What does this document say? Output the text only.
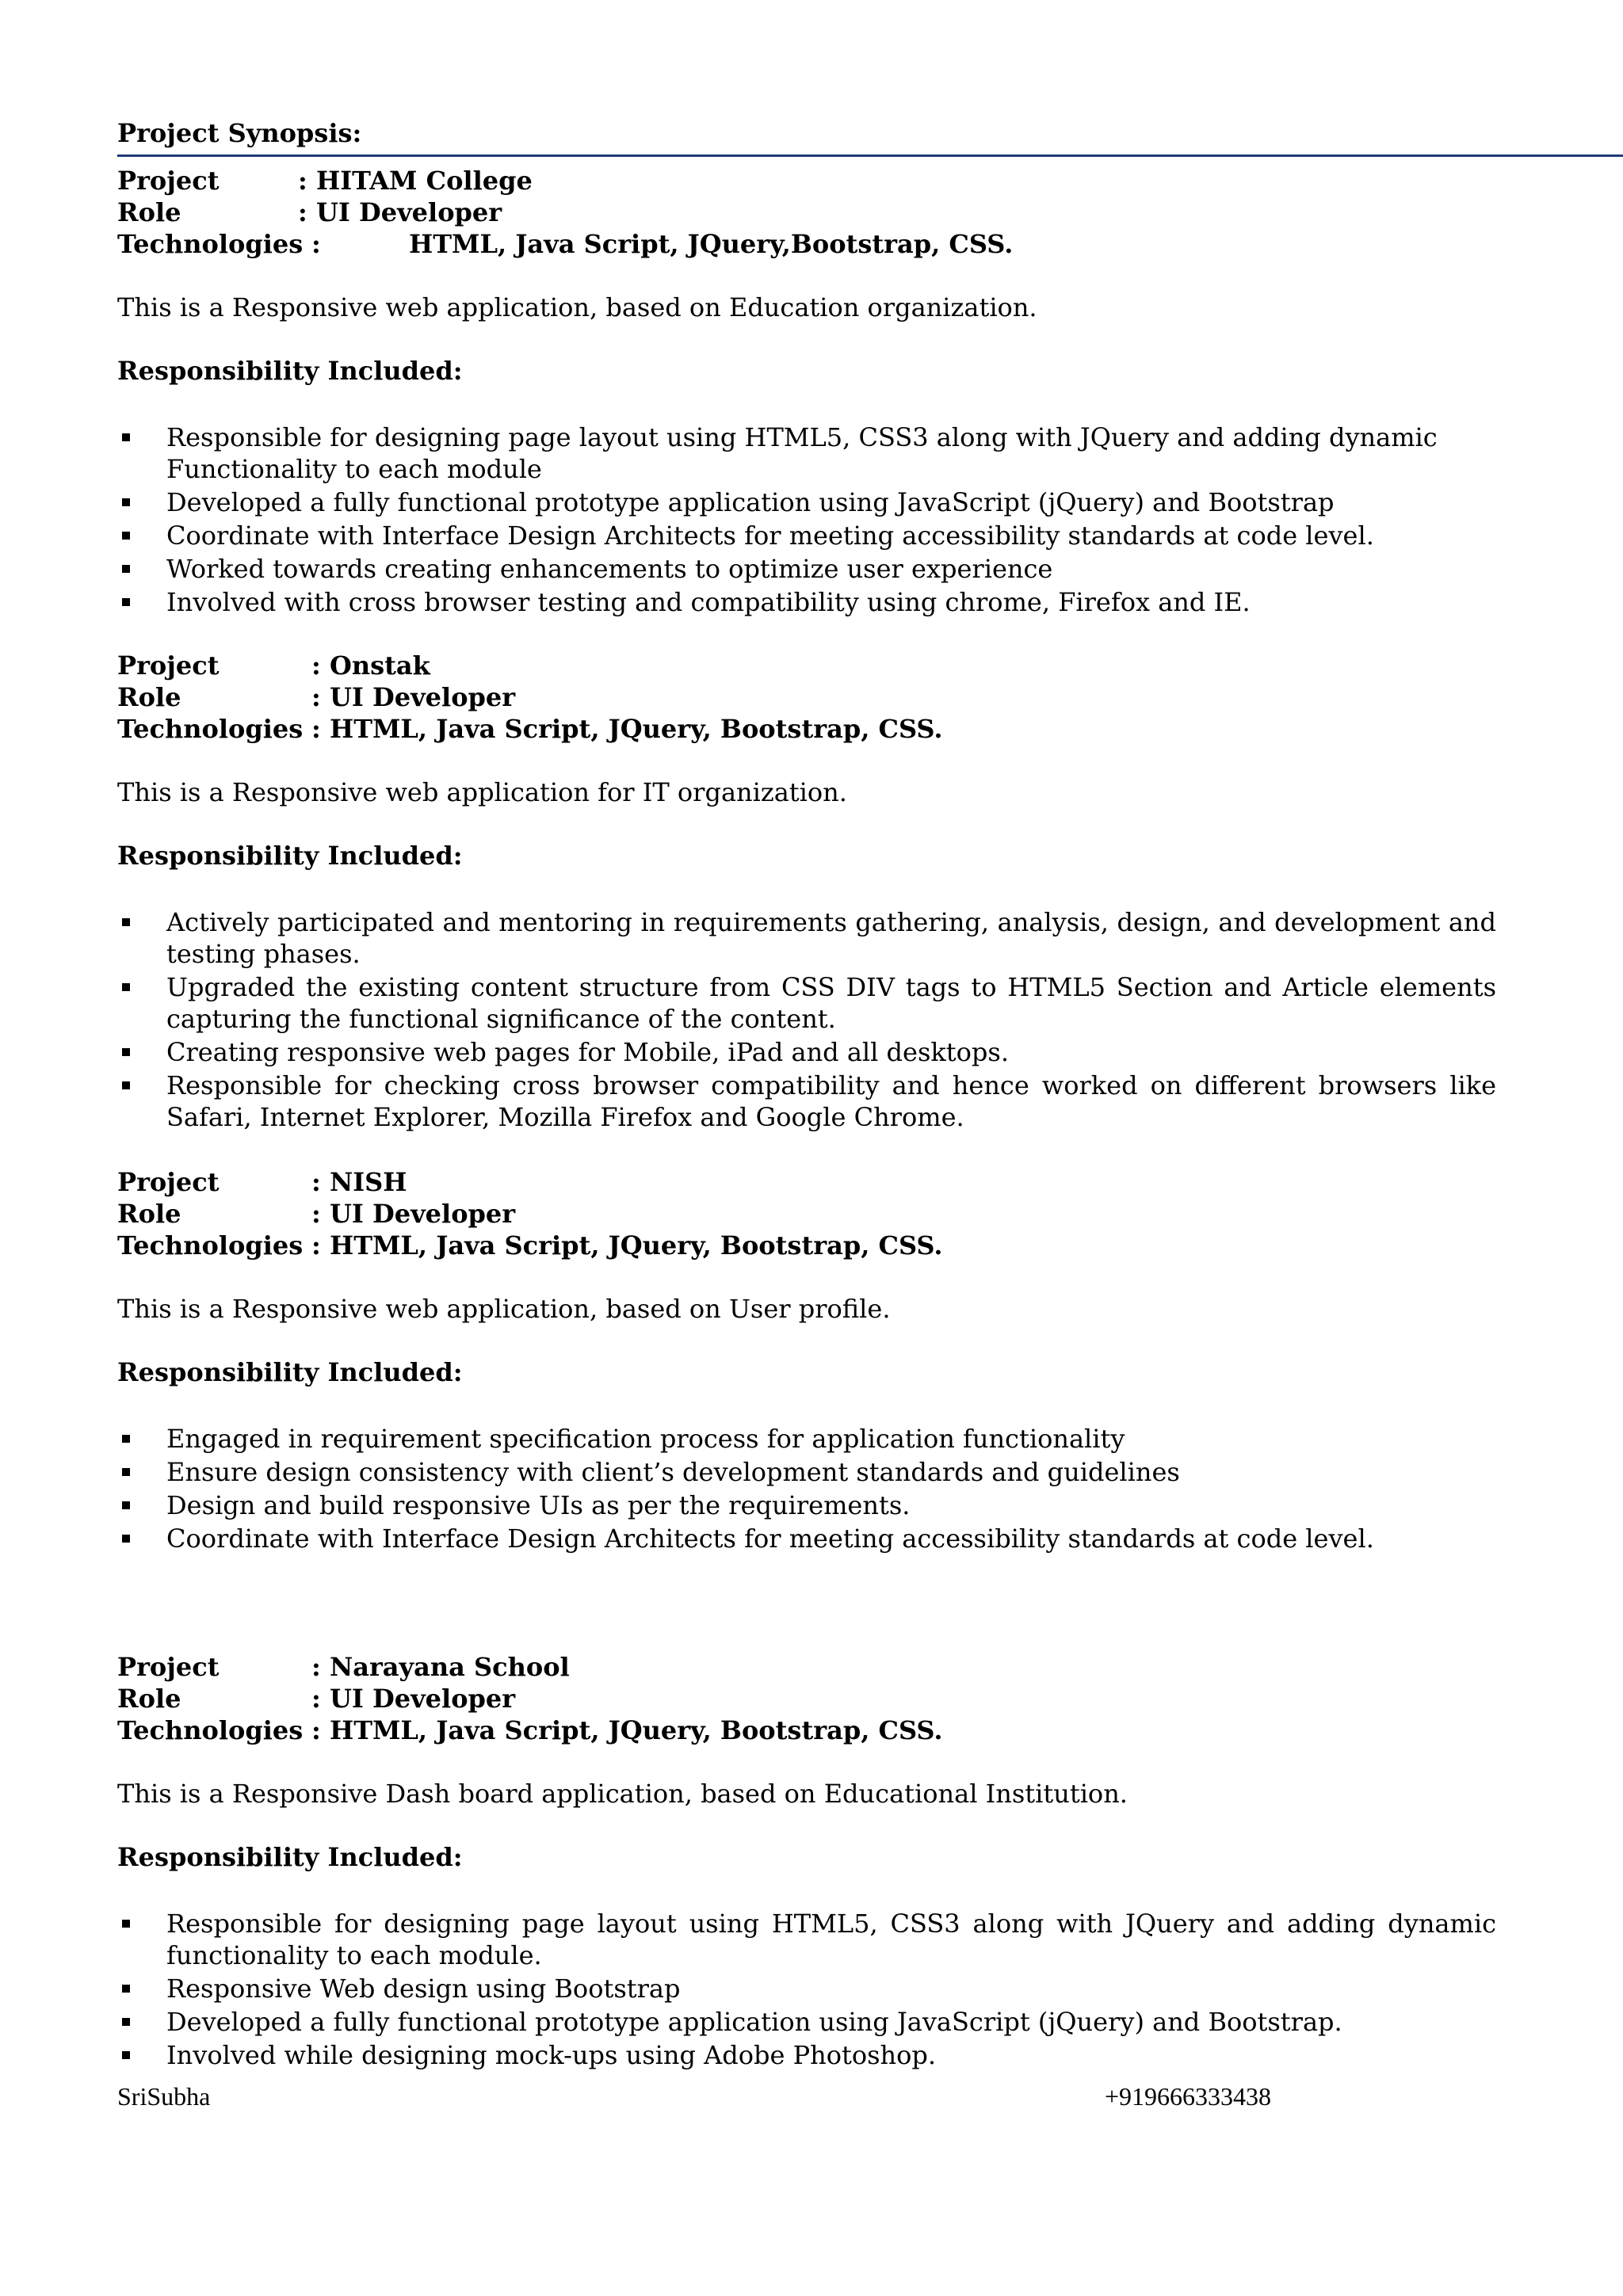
Project Synopsis:
Project	: HITAM College
Role	: UI Developer
Technologies :	HTML, Java Script, JQuery,Bootstrap, CSS.
This is a Responsive web application, based on Education organization.
Responsibility Included:
Responsible for designing page layout using HTML5, CSS3 along with JQuery and adding dynamic
Functionality to each module
Developed a fully functional prototype application using JavaScript (jQuery) and Bootstrap
Coordinate with Interface Design Architects for meeting accessibility standards at code level.
Worked towards creating enhancements to optimize user experience
Involved with cross browser testing and compatibility using chrome, Firefox and IE.
Project	: Onstak
Role	: UI Developer
Technologies : HTML, Java Script, JQuery, Bootstrap, CSS.
This is a Responsive web application for IT organization.
Responsibility Included:
Actively participated and mentoring in requirements gathering, analysis, design, and development and testing phases.
Upgraded the existing content structure from CSS DIV tags to HTML5 Section and Article elements capturing the functional significance of the content.
Creating responsive web pages for Mobile, iPad and all desktops.
Responsible for checking cross browser compatibility and hence worked on different browsers like Safari, Internet Explorer, Mozilla Firefox and Google Chrome.
Project	: NISH
Role	: UI Developer
Technologies : HTML, Java Script, JQuery, Bootstrap, CSS.
This is a Responsive web application, based on User profile.
Responsibility Included:
Engaged in requirement specification process for application functionality
Ensure design consistency with client’s development standards and guidelines
Design and build responsive UIs as per the requirements.
Coordinate with Interface Design Architects for meeting accessibility standards at code level.
Project	: Narayana School
Role	: UI Developer
Technologies : HTML, Java Script, JQuery, Bootstrap, CSS.
This is a Responsive Dash board application, based on Educational Institution.
Responsibility Included:
Responsible for designing page layout using HTML5, CSS3 along with JQuery and adding dynamic functionality to each module.
Responsive Web design using Bootstrap
Developed a fully functional prototype application using JavaScript (jQuery) and Bootstrap.
Involved while designing mock-ups using Adobe Photoshop.
SriSubha	+919666333438
